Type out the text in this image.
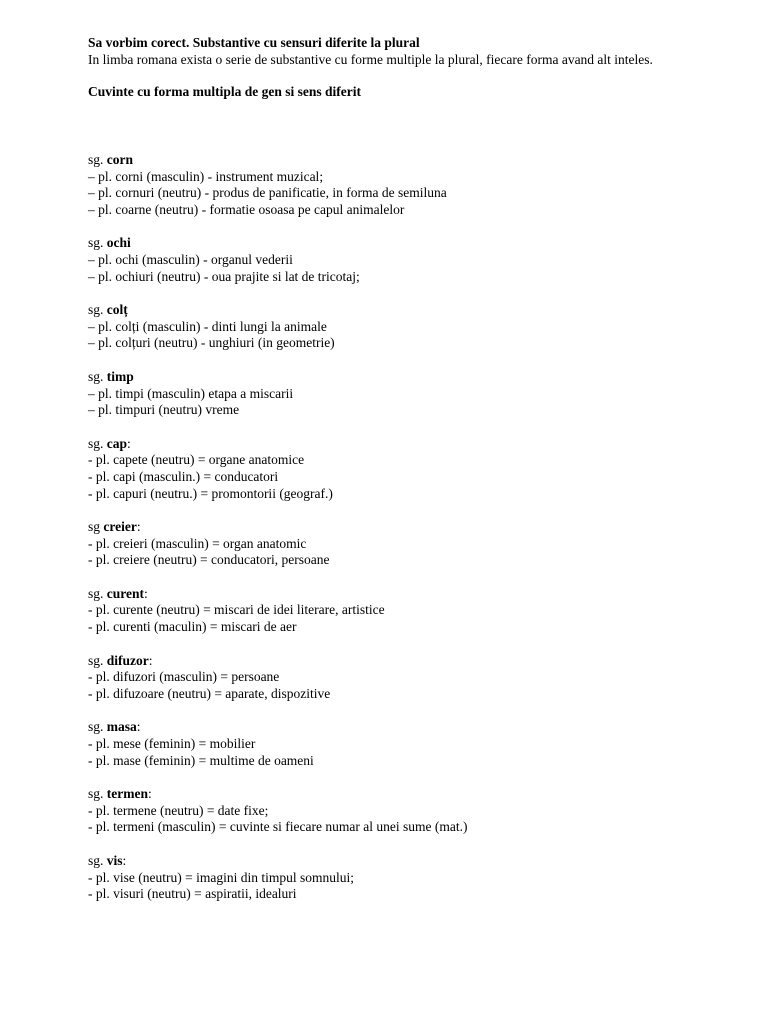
Sa vorbim corect. Substantive cu sensuri diferite la plural

In limba romana exista o serie de substantive cu forme multiple la plural, fiecare forma avand alt inteles.

Cuvinte cu forma multipla de gen si sens diferit

sg. corn

– pl. corni (masculin) - instrument muzical;

– pl. cornuri (neutru) - produs de panificatie, in forma de semiluna

– pl. coarne (neutru) - formatie osoasa pe capul animalelor

sg. ochi

– pl. ochi (masculin) - organul vederii

– pl. ochiuri (neutru) - oua prajite si lat de tricotaj;

sg. colț

– pl. colți (masculin) - dinti lungi la animale

– pl. colțuri (neutru) - unghiuri (in geometrie)

sg. timp

– pl. timpi (masculin) etapa a miscarii

– pl. timpuri (neutru) vreme

sg. cap:

- pl. capete (neutru) = organe anatomice

- pl. capi (masculin.) = conducatori

- pl. capuri (neutru.) = promontorii (geograf.)

sg creier:

- pl. creieri (masculin) = organ anatomic

- pl. creiere (neutru) = conducatori, persoane

sg. curent:

- pl. curente (neutru) = miscari de idei literare, artistice

- pl. curenti (maculin) = miscari de aer

sg. difuzor:

- pl. difuzori (masculin) = persoane

- pl. difuzoare (neutru) = aparate, dispozitive

sg. masa:

- pl. mese (feminin) = mobilier

- pl. mase (feminin) = multime de oameni

sg. termen:

- pl. termene (neutru) = date fixe;

- pl. termeni (masculin) = cuvinte si fiecare numar al unei sume (mat.)

sg. vis:

- pl. vise (neutru) = imagini din timpul somnului;

- pl. visuri (neutru) = aspiratii, idealuri
